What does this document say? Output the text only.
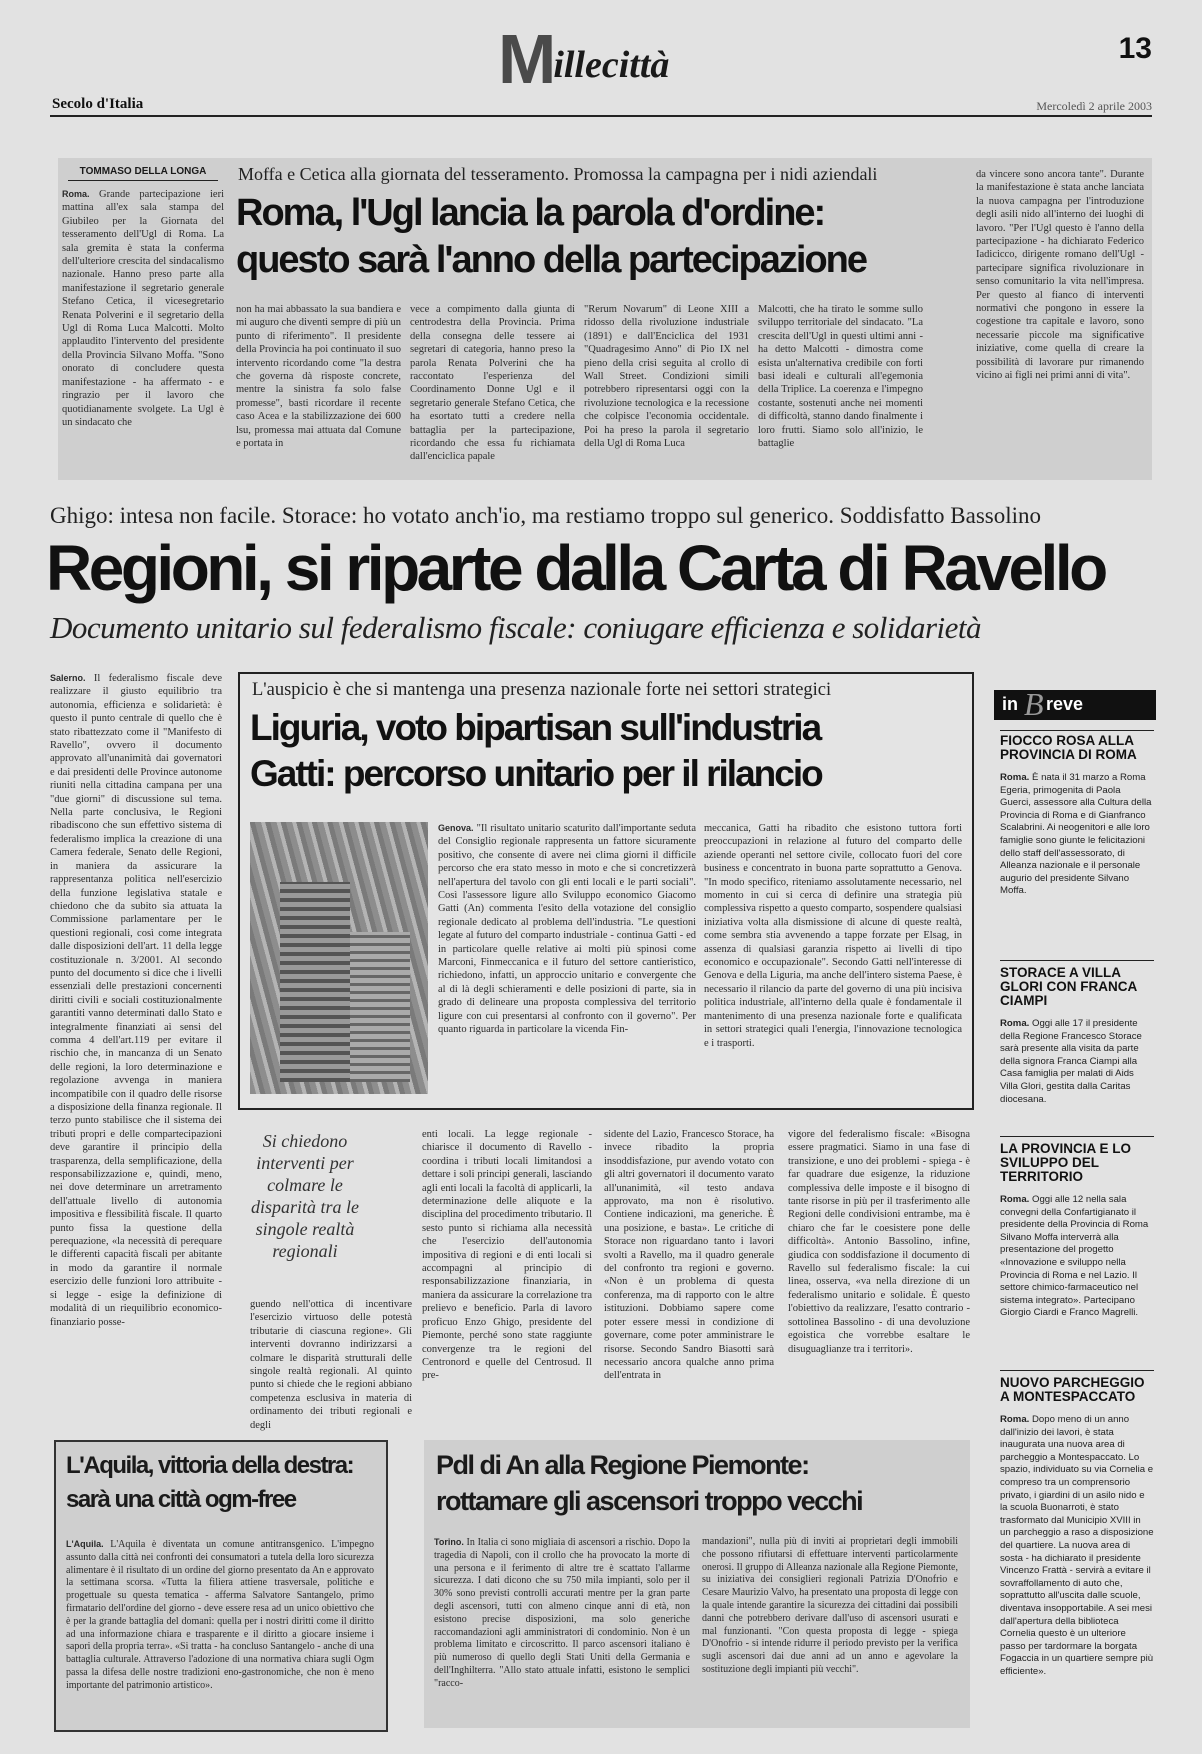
Millecittà	13
Secolo d'Italia	Mercoledì 2 aprile 2003
TOMMASO DELLA LONGA	Moffa e Cetica alla giornata del tesseramento. Promossa la campagna per i nidi aziendali
Roma, l'Ugl lancia la parola d'ordine:
questo sarà l'anno della partecipazione
Roma. Grande partecipazione ieri mattina all'ex sala stampa del Giubileo per la Giornata del tesseramento dell'Ugl di Roma. La sala gremita è stata la conferma dell'ulteriore crescita del sindacalismo nazionale. Hanno preso parte alla manifestazione il segretario generale Stefano Cetica, il vicesegretario Renata Polverini e il segretario della Ugl di Roma Luca Malcotti. Molto applaudito l'intervento del presidente della Provincia Silvano Moffa. "Sono onorato di concludere questa manifestazione - ha affermato - e ringrazio per il lavoro che quotidianamente svolgete. La Ugl è un sindacato che
non ha mai abbassato la sua bandiera e mi auguro che diventi sempre di più un punto di riferimento". Il presidente della Provincia ha poi continuato il suo intervento ricordando come "la destra che governa dà risposte concrete, mentre la sinistra fa solo false promesse", basti ricordare il recente caso Acea e la stabilizzazione dei 600 lsu, promessa mai attuata dal Comune e portata in
vece a compimento dalla giunta di centrodestra della Provincia. Prima della consegna delle tessere ai segretari di categoria, hanno preso la parola Renata Polverini che ha raccontato l'esperienza del Coordinamento Donne Ugl e il segretario generale Stefano Cetica, che ha esortato tutti a credere nella battaglia per la partecipazione, ricordando che essa fu richiamata dall'enciclica papale
"Rerum Novarum" di Leone XIII a ridosso della rivoluzione industriale (1891) e dall'Enciclica del 1931 "Quadragesimo Anno" di Pio IX nel pieno della crisi seguita al crollo di Wall Street. Condizioni simili potrebbero ripresentarsi oggi con la rivoluzione tecnologica e la recessione che colpisce l'economia occidentale. Poi ha preso la parola il segretario della Ugl di Roma Luca
Malcotti, che ha tirato le somme sullo sviluppo territoriale del sindacato. "La crescita dell'Ugl in questi ultimi anni - ha detto Malcotti - dimostra come esista un'alternativa credibile con forti basi ideali e culturali all'egemonia della Triplice. La coerenza e l'impegno costante, sostenuti anche nei momenti di difficoltà, stanno dando finalmente i loro frutti. Siamo solo all'inizio, le battaglie
da vincere sono ancora tante". Durante la manifestazione è stata anche lanciata la nuova campagna per l'introduzione degli asili nido all'interno dei luoghi di lavoro. "Per l'Ugl questo è l'anno della partecipazione - ha dichiarato Federico Iadicicco, dirigente romano dell'Ugl - partecipare significa rivoluzionare in senso comunitario la vita nell'impresa. Per questo al fianco di interventi normativi che pongono in essere la cogestione tra capitale e lavoro, sono necessarie piccole ma significative iniziative, come quella di creare la possibilità di lavorare pur rimanendo vicino ai figli nei primi anni di vita".
Ghigo: intesa non facile. Storace: ho votato anch'io, ma restiamo troppo sul generico. Soddisfatto Bassolino
Regioni, si riparte dalla Carta di Ravello
Documento unitario sul federalismo fiscale: coniugare efficienza e solidarietà
Salerno. Il federalismo fiscale deve realizzare il giusto equilibrio tra autonomia, efficienza e solidarietà: è questo il punto centrale di quello che è stato ribattezzato come il "Manifesto di Ravello", ovvero il documento approvato all'unanimità dai governatori e dai presidenti delle Province autonome riuniti nella cittadina campana per una "due giorni" di discussione sul tema. Nella parte conclusiva, le Regioni ribadiscono che sun effettivo sistema di federalismo implica la creazione di una Camera federale, Senato delle Regioni, in maniera da assicurare la rappresentanza politica nell'esercizio della funzione legislativa statale e chiedono che da subito sia attuata la Commissione parlamentare per le questioni regionali, così come integrata dalle disposizioni dell'art. 11 della legge costituzionale n. 3/2001. Al secondo punto del documento si dice che i livelli essenziali delle prestazioni concernenti diritti civili e sociali costituzionalmente garantiti vanno determinati dallo Stato e integralmente finanziati ai sensi del comma 4 dell'art.119 per evitare il rischio che, in mancanza di un Senato delle regioni, la loro determinazione e regolazione avvenga in maniera incompatibile con il quadro delle risorse a disposizione della finanza regionale. Il terzo punto stabilisce che il sistema dei tributi propri e delle compartecipazioni deve garantire il principio della trasparenza, della semplificazione, della responsabilizzazione e, quindi, meno, nei dove determinare un arretramento dell'attuale livello di autonomia impositiva e flessibilità fiscale. Il quarto punto fissa la questione della perequazione, «la necessità di perequare le differenti capacità fiscali per abitante in modo da garantire il normale esercizio delle funzioni loro attribuite - si legge - esige la definizione di modalità di un riequilibrio economico-finanziario posse-
L'auspicio è che si mantenga una presenza nazionale forte nei settori strategici
Liguria, voto bipartisan sull'industria
Gatti: percorso unitario per il rilancio
Genova. "Il risultato unitario scaturito dall'importante seduta del Consiglio regionale rappresenta un fattore sicuramente positivo, che consente di avere nei clima giorni il difficile percorso che era stato messo in moto e che si concretizzerà nell'apertura del tavolo con gli enti locali e le parti sociali". Così l'assessore ligure allo Sviluppo economico Giacomo Gatti (An) commenta l'esito della votazione del consiglio regionale dedicato al problema dell'industria. "Le questioni legate al futuro del comparto industriale - continua Gatti - ed in particolare quelle relative ai molti più spinosi come Marconi, Finmeccanica e il futuro del settore cantieristico, richiedono, infatti, un approccio unitario e convergente che al di là degli schieramenti e delle posizioni di parte, sia in grado di delineare una proposta complessiva del territorio ligure con cui presentarsi al confronto con il governo". Per quanto riguarda in particolare la vicenda Fin-
meccanica, Gatti ha ribadito che esistono tuttora forti preoccupazioni in relazione al futuro del comparto delle aziende operanti nel settore civile, collocato fuori del core business e concentrato in buona parte soprattutto a Genova. "In modo specifico, riteniamo assolutamente necessario, nel momento in cui si cerca di definire una strategia più complessiva rispetto a questo comparto, sospendere qualsiasi iniziativa volta alla dismissione di alcune di queste realtà, come sembra stia avvenendo a tappe forzate per Elsag, in assenza di qualsiasi garanzia rispetto ai livelli di tipo economico e occupazionale". Secondo Gatti nell'interesse di Genova e della Liguria, ma anche dell'intero sistema Paese, è necessario il rilancio da parte del governo di una più incisiva politica industriale, all'interno della quale è fondamentale il mantenimento di una presenza nazionale forte e qualificata in settori strategici quali l'energia, l'innovazione tecnologica e i trasporti.
Si chiedono interventi per colmare le disparità tra le singole realtà regionali
guendo nell'ottica di incentivare l'esercizio virtuoso delle potestà tributarie di ciascuna regione». Gli interventi dovranno indirizzarsi a colmare le disparità strutturali delle singole realtà regionali. Al quinto punto si chiede che le regioni abbiano competenza esclusiva in materia di ordinamento dei tributi regionali e degli
enti locali. La legge regionale - chiarisce il documento di Ravello - coordina i tributi locali limitandosi a dettare i soli principi generali, lasciando agli enti locali la facoltà di applicarli, la determinazione delle aliquote e la disciplina del procedimento tributario. Il sesto punto si richiama alla necessità che l'esercizio dell'autonomia impositiva di regioni e di enti locali si accompagni al principio di responsabilizzazione finanziaria, in maniera da assicurare la correlazione tra prelievo e beneficio. Parla di lavoro proficuo Enzo Ghigo, presidente del Piemonte, perché sono state raggiunte convergenze tra le regioni del Centronord e quelle del Centrosud. Il pre-
sidente del Lazio, Francesco Storace, ha invece ribadito la propria insoddisfazione, pur avendo votato con gli altri governatori il documento varato all'unanimità, «il testo andava approvato, ma non è risolutivo. Contiene indicazioni, ma generiche. È una posizione, e basta». Le critiche di Storace non riguardano tanto i lavori svolti a Ravello, ma il quadro generale del confronto tra regioni e governo. «Non è un problema di questa conferenza, ma di rapporto con le altre istituzioni. Dobbiamo sapere come poter essere messi in condizione di governare, come poter amministrare le risorse. Secondo Sandro Biasotti sarà necessario ancora qualche anno prima dell'entrata in
vigore del federalismo fiscale: «Bisogna essere pragmatici. Siamo in una fase di transizione, e uno dei problemi - spiega - è far quadrare due esigenze, la riduzione complessiva delle imposte e il bisogno di tante risorse in più per il trasferimento alle Regioni delle condivisioni entrambe, ma è chiaro che far le coesistere pone delle difficoltà». Antonio Bassolino, infine, giudica con soddisfazione il documento di Ravello sul federalismo fiscale: la cui linea, osserva, «va nella direzione di un federalismo unitario e solidale. È questo l'obiettivo da realizzare, l'esatto contrario - sottolinea Bassolino - di una devoluzione egoistica che vorrebbe esaltare le disuguaglianze tra i territori».
in B reve
FIOCCO ROSA ALLA PROVINCIA DI ROMA
Roma. È nata il 31 marzo a Roma Egeria, primogenita di Paola Guerci, assessore alla Cultura della Provincia di Roma e di Gianfranco Scalabrini. Ai neogenitori e alle loro famiglie sono giunte le felicitazioni dello staff dell'assessorato, di Alleanza nazionale e il personale augurio del presidente Silvano Moffa.
STORACE A VILLA GLORI CON FRANCA CIAMPI
Roma. Oggi alle 17 il presidente della Regione Francesco Storace sarà presente alla visita da parte della signora Franca Ciampi alla Casa famiglia per malati di Aids Villa Glori, gestita dalla Caritas diocesana.
LA PROVINCIA E LO SVILUPPO DEL TERRITORIO
Roma. Oggi alle 12 nella sala convegni della Confartigianato il presidente della Provincia di Roma Silvano Moffa interverrà alla presentazione del progetto «Innovazione e sviluppo nella Provincia di Roma e nel Lazio. Il settore chimico-farmaceutico nel sistema integrato». Partecipano Giorgio Ciardi e Franco Magrelli.
NUOVO PARCHEGGIO A MONTESPACCATO
Roma. Dopo meno di un anno dall'inizio dei lavori, è stata inaugurata una nuova area di parcheggio a Montespaccato. Lo spazio, individuato su via Cornelia e compreso tra un comprensorio privato, i giardini di un asilo nido e la scuola Buonarroti, è stato trasformato dal Municipio XVIII in un parcheggio a raso a disposizione del quartiere. La nuova area di sosta - ha dichiarato il presidente Vincenzo Frattà - servirà a evitare il sovraffollamento di auto che, soprattutto all'uscita dalle scuole, diventava insopportabile. A sei mesi dall'apertura della biblioteca Cornelia questo è un ulteriore passo per tardormare la borgata Fogaccia in un quartiere sempre più efficiente».
L'Aquila, vittoria della destra:
sarà una città ogm-free
L'Aquila. L'Aquila è diventata un comune antitransgenico. L'impegno assunto dalla città nei confronti dei consumatori a tutela della loro sicurezza alimentare è il risultato di un ordine del giorno presentato da An e approvato la settimana scorsa. «Tutta la filiera attiene trasversale, politiche e progettuale su questa tematica - afferma Salvatore Santangelo, primo firmatario dell'ordine del giorno - deve essere resa ad un unico obiettivo che è per la grande battaglia del domani: quella per i nostri diritti come il diritto ad una informazione chiara e trasparente e il diritto a giocare insieme i sapori della propria terra». «Si tratta - ha concluso Santangelo - anche di una battaglia culturale. Attraverso l'adozione di una normativa chiara sugli Ogm passa la difesa delle nostre tradizioni eno-gastronomiche, che non è meno importante del patrimonio artistico».
Pdl di An alla Regione Piemonte:
rottamare gli ascensori troppo vecchi
Torino. In Italia ci sono migliaia di ascensori a rischio. Dopo la tragedia di Napoli, con il crollo che ha provocato la morte di una persona e il ferimento di altre tre è scattato l'allarme sicurezza. I dati dicono che su 750 mila impianti, solo per il 30% sono previsti controlli accurati mentre per la gran parte degli ascensori, tutti con almeno cinque anni di età, non esistono precise disposizioni, ma solo generiche raccomandazioni agli amministratori di condominio. Non è un problema limitato e circoscritto. Il parco ascensori italiano è più numeroso di quello degli Stati Uniti della Germania e dell'Inghilterra. "Allo stato attuale infatti, esistono le semplici "racco-
mandazioni", nulla più di inviti ai proprietari degli immobili che possono rifiutarsi di effettuare interventi particolarmente onerosi. Il gruppo di Alleanza nazionale alla Regione Piemonte, su iniziativa dei consiglieri regionali Patrizia D'Onofrio e Cesare Maurizio Valvo, ha presentato una proposta di legge con la quale intende garantire la sicurezza dei cittadini dai possibili danni che potrebbero derivare dall'uso di ascensori usurati e mal funzionanti. "Con questa proposta di legge - spiega D'Onofrio - si intende ridurre il periodo previsto per la verifica sugli ascensori dai due anni ad un anno e agevolare la sostituzione degli impianti più vecchi".
